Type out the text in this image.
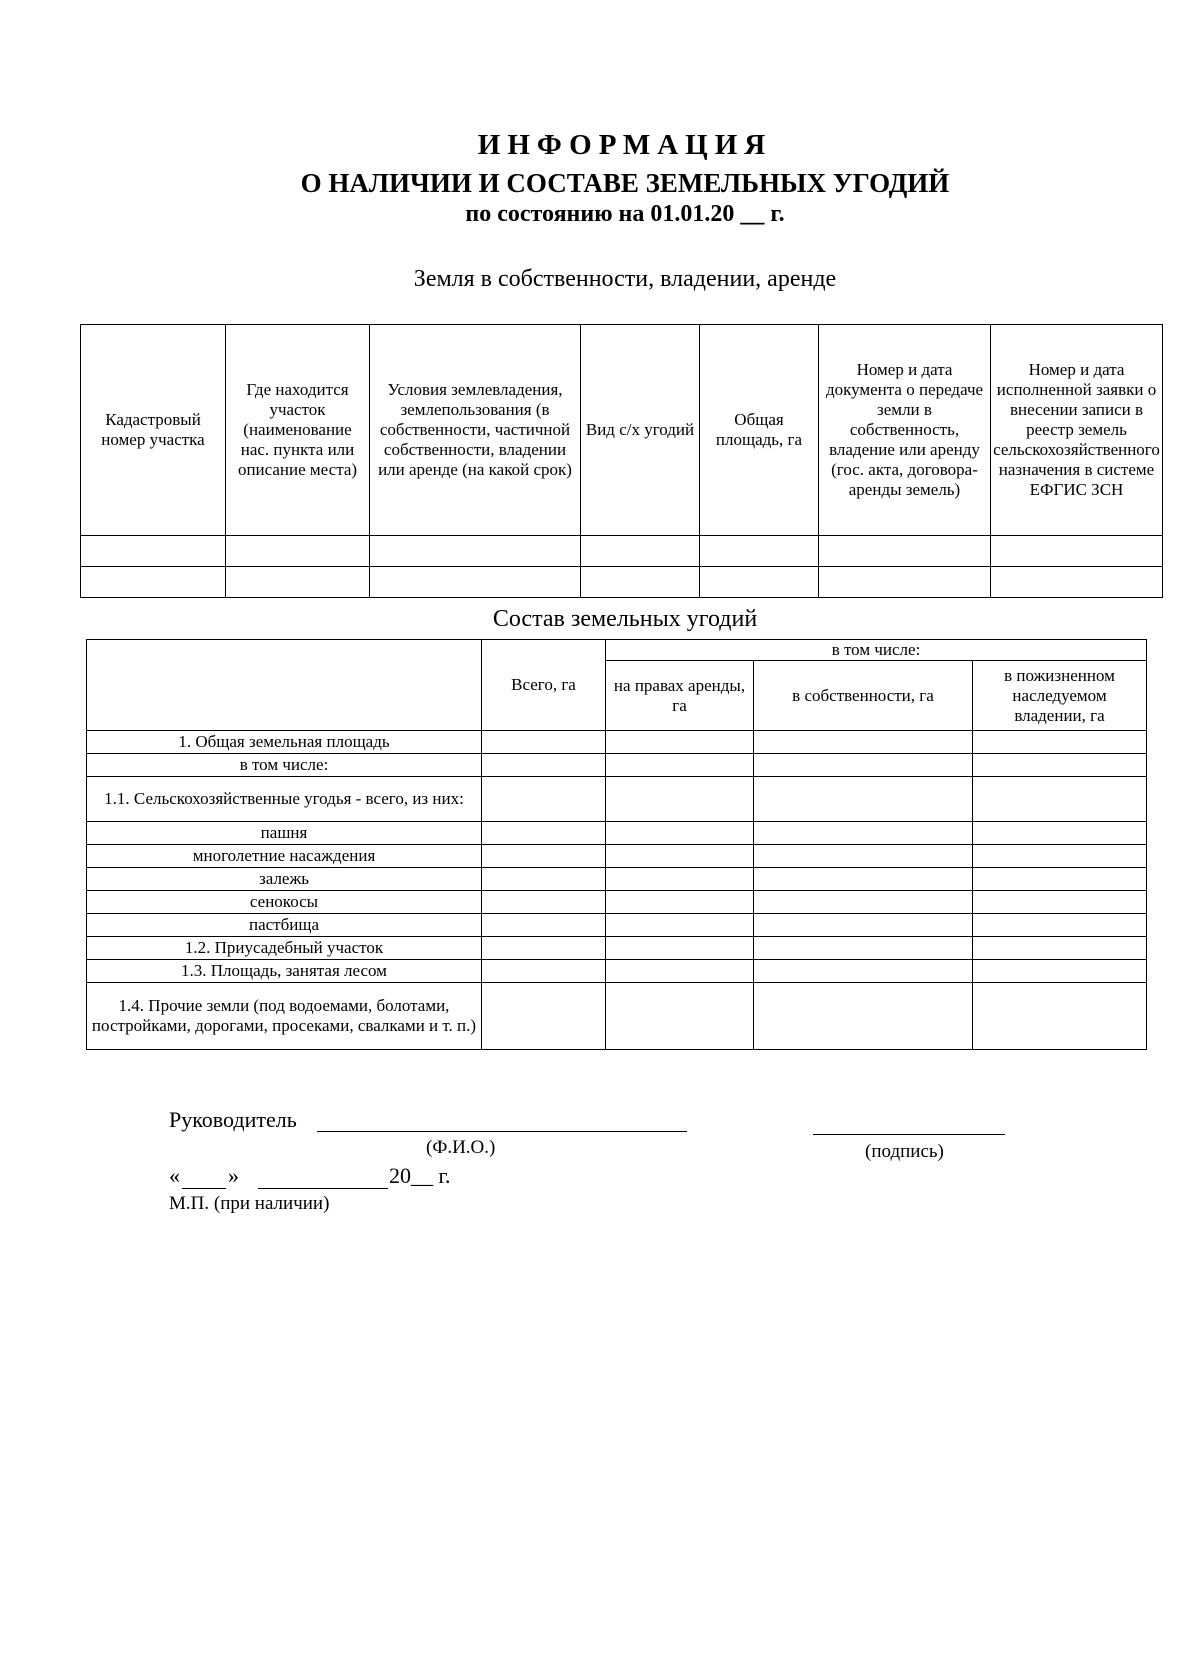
ИНФОРМАЦИЯ
О НАЛИЧИИ И СОСТАВЕ ЗЕМЕЛЬНЫХ УГОДИЙ
по состоянию на 01.01.20 __ г.
Земля в собственности, владении, аренде
Кадастровый номер участка	Где находится участок (наименование нас. пункта или описание места)	Условия землевладения, землепользования (в собственности, частичной собственности, владении или аренде (на какой срок)	Вид с/х угодий	Общая площадь, га	Номер и дата документа о передаче земли в собственность, владение или аренду (гос. акта, договора-аренды земель)	Номер и дата исполненной заявки о внесении записи в реестр земель сельскохозяйственного назначения в системе ЕФГИС ЗСН

Состав земельных угодий
	Всего, га	в том числе:		
		на правах аренды, га	в собственности, га	в пожизненном наследуемом владении, га
1. Общая земельная площадь				
в том числе:				
1.1. Сельскохозяйственные угодья - всего, из них:				
пашня				
многолетние насаждения				
залежь				
сенокосы				
пастбища				
1.2. Приусадебный участок				
1.3. Площадь, занятая лесом				
1.4. Прочие земли (под водоемами, болотами, постройками, дорогами, просеками, свалками и т. п.)				
Руководитель
(Ф.И.О.)	(подпись)
« »	20__ г.
М.П. (при наличии)
